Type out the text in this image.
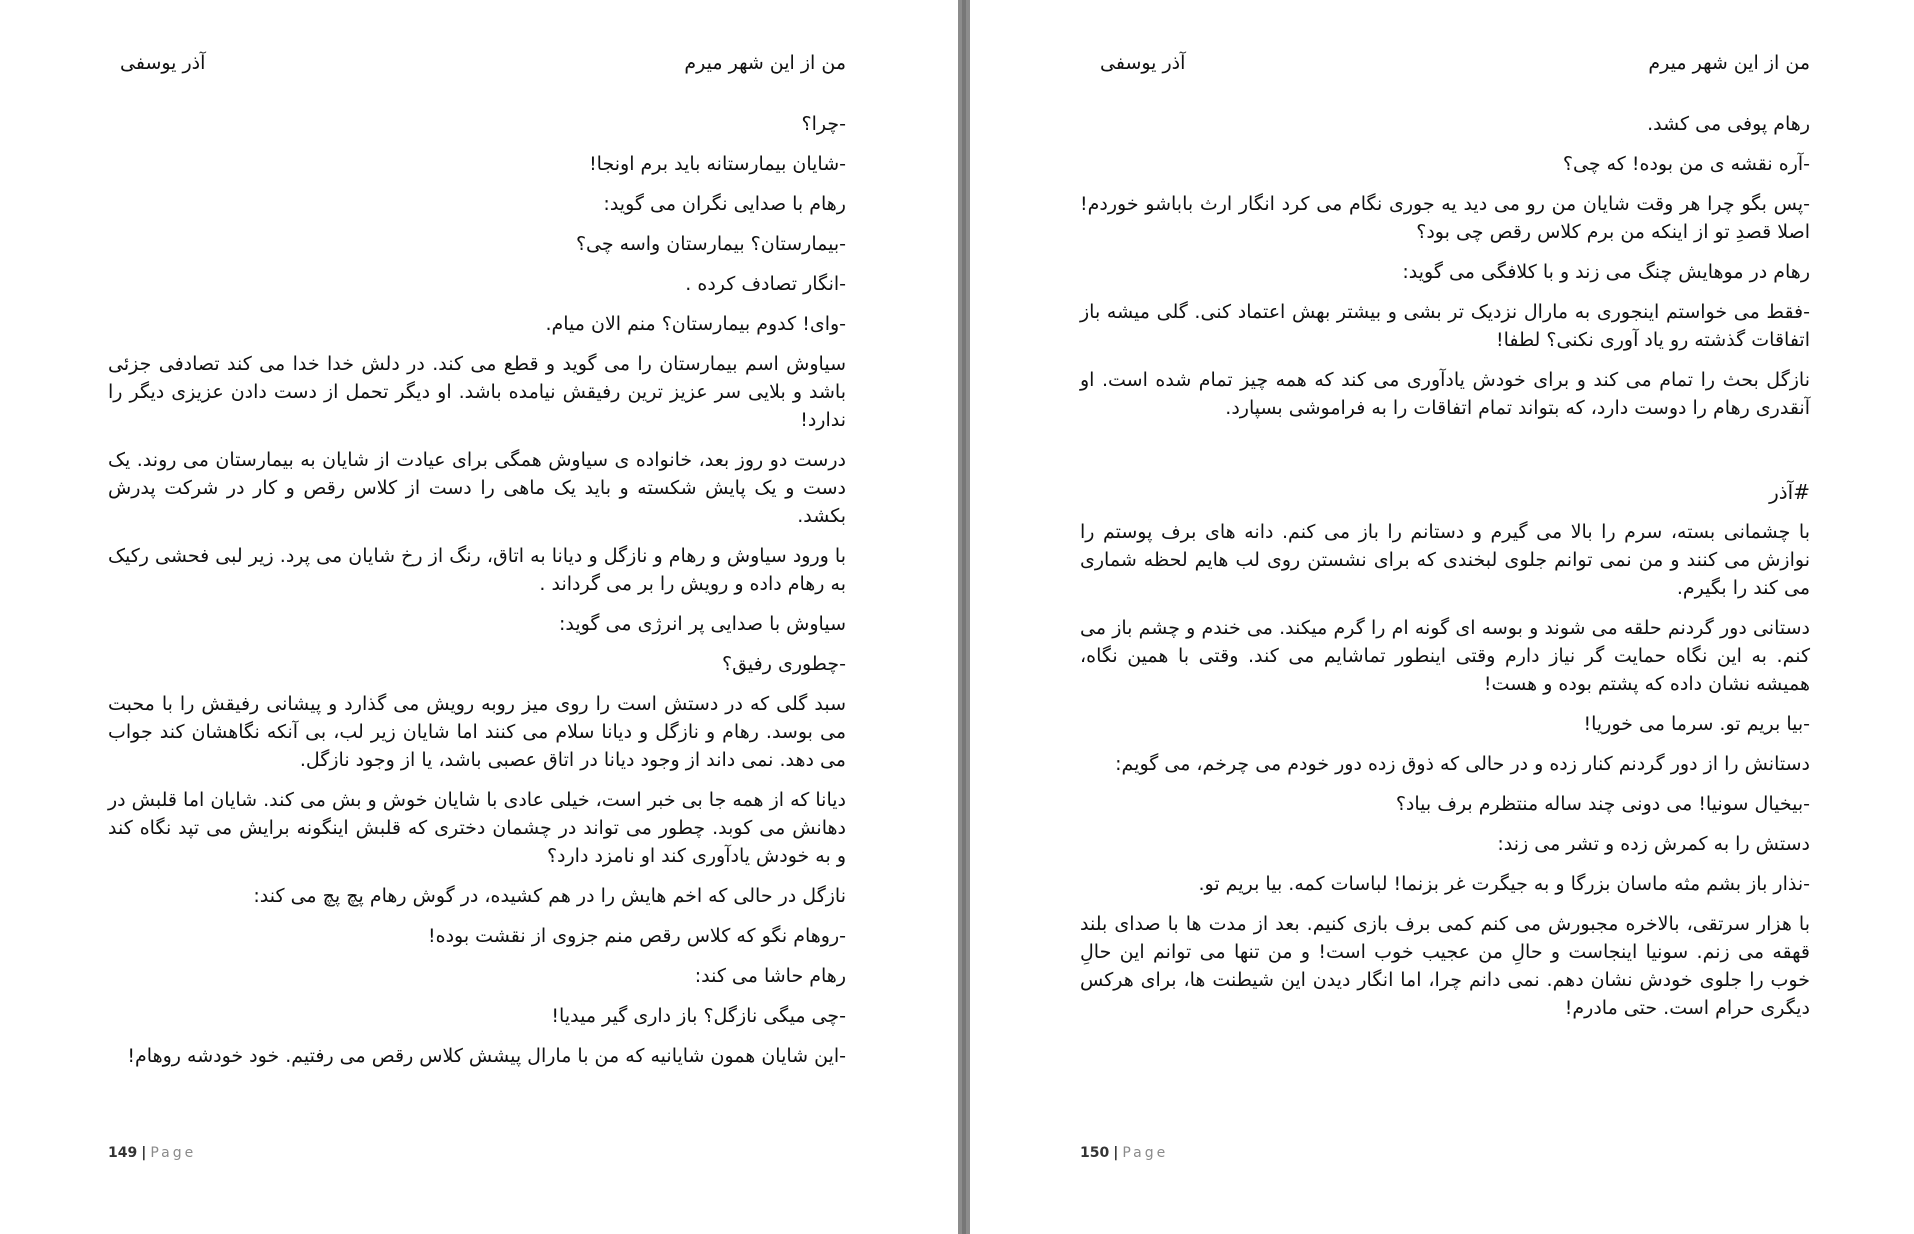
من از این شهر میرم
آذر یوسفی

-چرا؟

-شایان بیمارستانه باید برم اونجا!

رهام با صدایی نگران می گوید:

-بیمارستان؟ بیمارستان واسه چی؟

-انگار تصادف کرده .

-وای! کدوم بیمارستان؟ منم الان میام.

سیاوش اسم بیمارستان را می گوید و قطع می کند. در دلش خدا خدا می کند تصادفی جزئی باشد و بلایی سر عزیز ترین رفیقش نیامده باشد. او دیگر تحمل از دست دادن عزیزی دیگر را ندارد!

درست دو روز بعد، خانواده ی سیاوش همگی برای عیادت از شایان به بیمارستان می روند. یک دست و یک پایش شکسته و باید یک ماهی را دست از کلاس رقص و کار در شرکت پدرش بکشد.

با ورود سیاوش و رهام و نازگل و دیانا به اتاق، رنگ از رخ شایان می پرد. زیر لبی فحشی رکیک به رهام داده و رویش را بر می گرداند .

سیاوش با صدایی پر انرژی می گوید:

-چطوری رفیق؟

سبد گلی که در دستش است را روی میز روبه رویش می گذارد و پیشانی رفیقش را با محبت می بوسد. رهام و نازگل و دیانا سلام می کنند اما شایان زیر لب، بی آنکه نگاهشان کند جواب می دهد. نمی داند از وجود دیانا در اتاق عصبی باشد، یا از وجود نازگل.

دیانا که از همه جا بی خبر است، خیلی عادی با شایان خوش و بش می کند. شایان اما قلبش در دهانش می کوبد. چطور می تواند در چشمان دختری که قلبش اینگونه برایش می تپد نگاه کند و به خودش یادآوری کند او نامزد دارد؟

نازگل در حالی که اخم هایش را در هم کشیده، در گوش رهام پچ پچ می کند:

-روهام نگو که کلاس رقص منم جزوی از نقشت بوده!

رهام حاشا می کند:

-چی میگی نازگل؟ باز داری گیر میدیا!

-این شایان همون شایانیه که من با مارال پیشش کلاس رقص می رفتیم. خود خودشه روهام!

149 | Page
من از این شهر میرم
آذر یوسفی

رهام پوفی می کشد.

-آره نقشه ی من بوده! که چی؟

-پس بگو چرا هر وقت شایان من رو می دید یه جوری نگام می کرد انگار ارث باباشو خوردم! اصلا قصدِ تو از اینکه من برم کلاس رقص چی بود؟

رهام در موهایش چنگ می زند و با کلافگی می گوید:

-فقط می خواستم اینجوری به مارال نزدیک تر بشی و بیشتر بهش اعتماد کنی. گلی میشه باز اتفاقات گذشته رو یاد آوری نکنی؟ لطفا!

نازگل بحث را تمام می کند و برای خودش یادآوری می کند که همه چیز تمام شده است. او آنقدری رهام را دوست دارد، که بتواند تمام اتفاقات را به فراموشی بسپارد.

#آذر

با چشمانی بسته، سرم را بالا می گیرم و دستانم را باز می کنم. دانه های برف پوستم را نوازش می کنند و من نمی توانم جلوی لبخندی که برای نشستن روی لب هایم لحظه شماری می کند را بگیرم.

دستانی دور گردنم حلقه می شوند و بوسه ای گونه ام را گرم میکند. می خندم و چشم باز می کنم. به این نگاه حمایت گر نیاز دارم وقتی اینطور تماشایم می کند. وقتی با همین نگاه، همیشه نشان داده که پشتم بوده و هست!

-بیا بریم تو. سرما می خوریا!

دستانش را از دور گردنم کنار زده و در حالی که ذوق زده دور خودم می چرخم، می گویم:

-بیخیال سونیا! می دونی چند ساله منتظرم برف بیاد؟

دستش را به کمرش زده و تشر می زند:

-نذار باز بشم مثه ماسان بزرگا و به جیگرت غر بزنما! لباسات کمه. بیا بریم تو.

با هزار سرتقی، بالاخره مجبورش می کنم کمی برف بازی کنیم. بعد از مدت ها با صدای بلند قهقه می زنم. سونیا اینجاست و حالِ من عجیب خوب است! و من تنها می توانم این حالِ خوب را جلوی خودش نشان دهم. نمی دانم چرا، اما انگار دیدن این شیطنت ها، برای هرکس دیگری حرام است. حتی مادرم!

150 | Page
